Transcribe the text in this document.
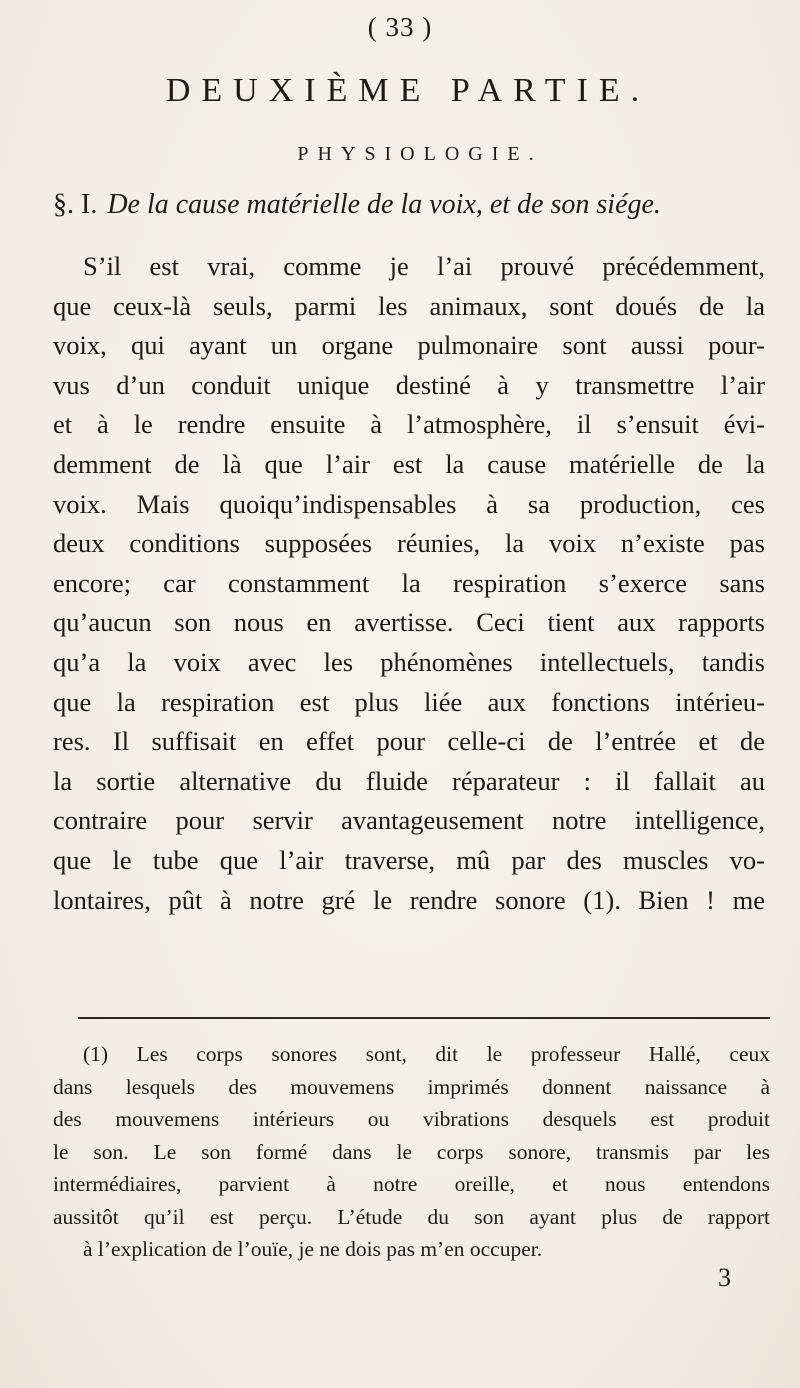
( 33 )
DEUXIÈME PARTIE.
PHYSIOLOGIE.
§. I. De la cause matérielle de la voix, et de son siége.
S’il est vrai, comme je l’ai prouvé précédemment,
que ceux-là seuls, parmi les animaux, sont doués de la
voix, qui ayant un organe pulmonaire sont aussi pour-
vus d’un conduit unique destiné à y transmettre l’air
et à le rendre ensuite à l’atmosphère, il s’ensuit évi-
demment de là que l’air est la cause matérielle de la
voix. Mais quoiqu’indispensables à sa production, ces
deux conditions supposées réunies, la voix n’existe pas
encore; car constamment la respiration s’exerce sans
qu’aucun son nous en avertisse. Ceci tient aux rapports
qu’a la voix avec les phénomènes intellectuels, tandis
que la respiration est plus liée aux fonctions intérieu-
res. Il suffisait en effet pour celle-ci de l’entrée et de
la sortie alternative du fluide réparateur : il fallait au
contraire pour servir avantageusement notre intelligence,
que le tube que l’air traverse, mû par des muscles vo-
lontaires, pût à notre gré le rendre sonore (1). Bien ! me
(1) Les corps sonores sont, dit le professeur Hallé, ceux
dans lesquels des mouvemens imprimés donnent naissance à
des mouvemens intérieurs ou vibrations desquels est produit
le son. Le son formé dans le corps sonore, transmis par les
intermédiaires, parvient à notre oreille, et nous entendons
aussitôt qu’il est perçu. L’étude du son ayant plus de rapport
à l’explication de l’ouïe, je ne dois pas m’en occuper.
3
